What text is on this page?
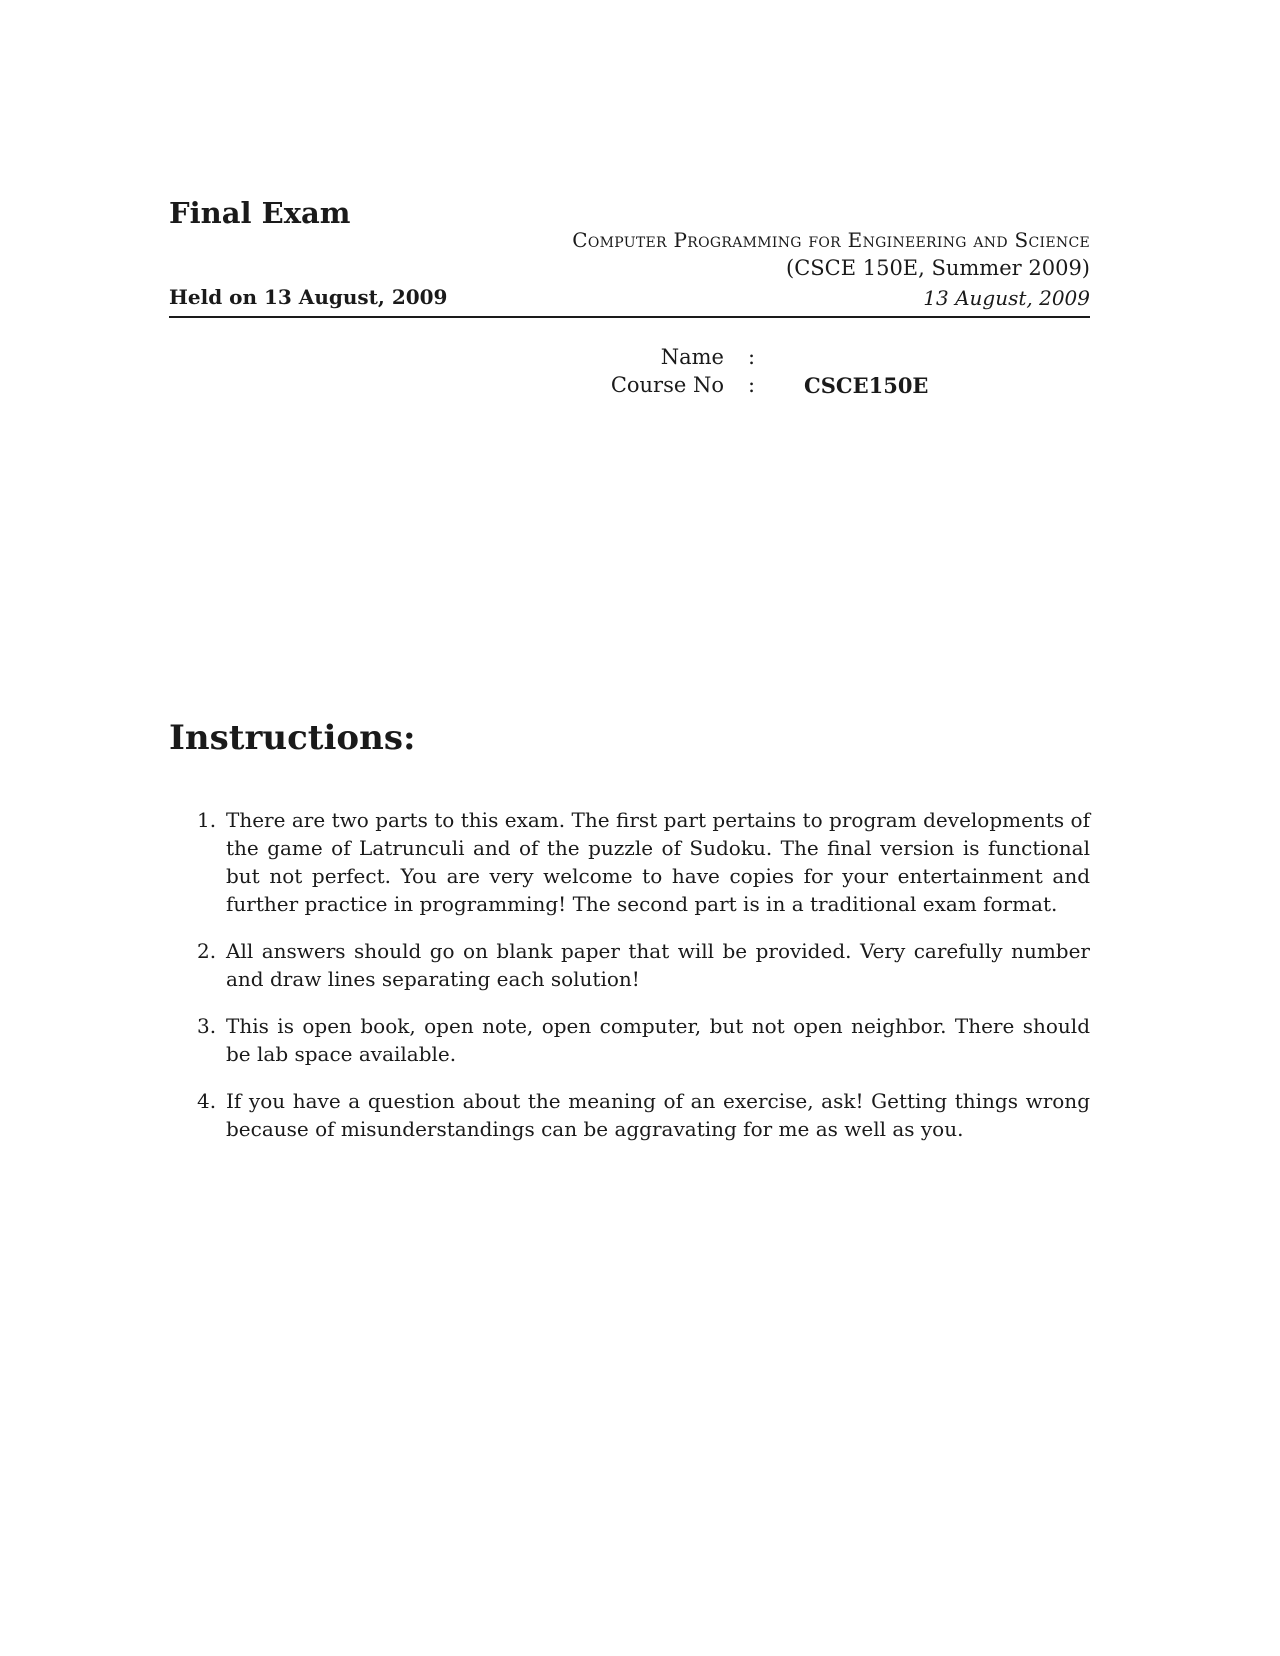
Final Exam
Computer Programming for Engineering and Science
(CSCE 150E, Summer 2009)
Held on 13 August, 2009	13 August, 2009
Name :
Course No : CSCE150E
Instructions:
1. There are two parts to this exam. The first part pertains to program developments of the game of Latrunculi and of the puzzle of Sudoku. The final version is functional but not perfect. You are very welcome to have copies for your entertainment and further practice in programming! The second part is in a traditional exam format.
2. All answers should go on blank paper that will be provided. Very carefully number and draw lines separating each solution!
3. This is open book, open note, open computer, but not open neighbor. There should be lab space available.
4. If you have a question about the meaning of an exercise, ask! Getting things wrong because of misunderstandings can be aggravating for me as well as you.
